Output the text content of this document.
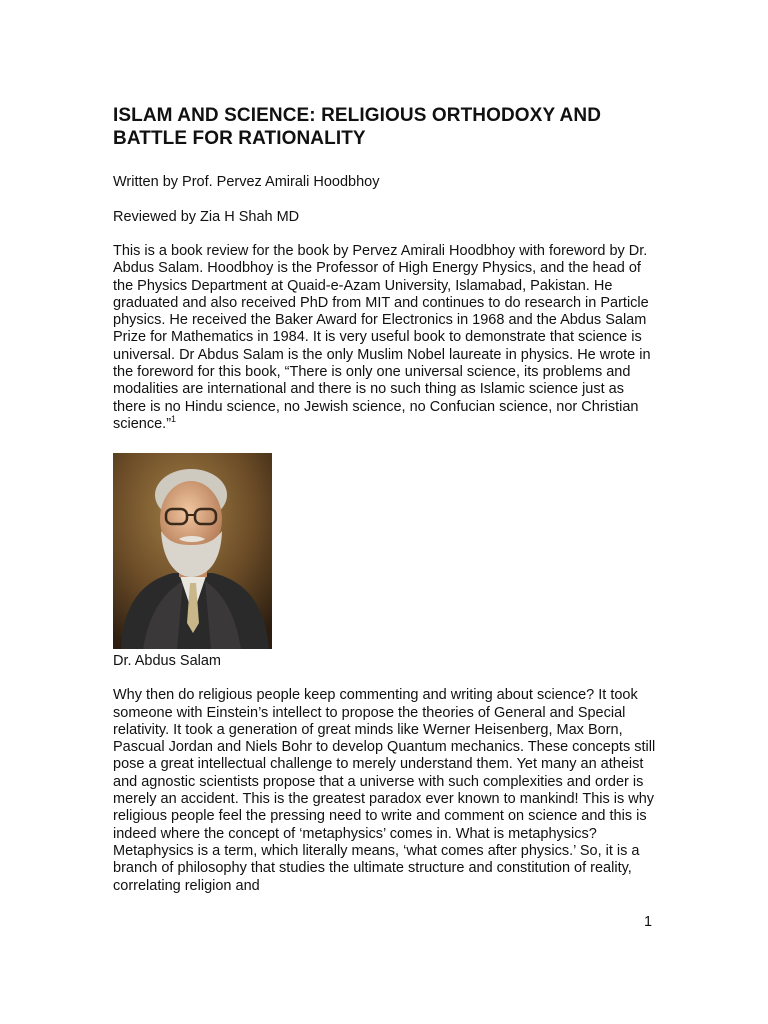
ISLAM AND SCIENCE: RELIGIOUS ORTHODOXY AND BATTLE FOR RATIONALITY

Written by Prof. Pervez Amirali Hoodbhoy

Reviewed by Zia H Shah MD

This is a book review for the book by Pervez Amirali Hoodbhoy with foreword by Dr. Abdus Salam. Hoodbhoy is the Professor of High Energy Physics, and the head of the Physics Department at Quaid-e-Azam University, Islamabad, Pakistan. He graduated and also received PhD from MIT and continues to do research in Particle physics. He received the Baker Award for Electronics in 1968 and the Abdus Salam Prize for Mathematics in 1984. It is very useful book to demonstrate that science is universal. Dr Abdus Salam is the only Muslim Nobel laureate in physics. He wrote in the foreword for this book, “There is only one universal science, its problems and modalities are international and there is no such thing as Islamic science just as there is no Hindu science, no Jewish science, no Confucian science, nor Christian science.”$^1$

Dr. Abdus Salam

Why then do religious people keep commenting and writing about science? It took someone with Einstein’s intellect to propose the theories of General and Special relativity. It took a generation of great minds like Werner Heisenberg, Max Born, Pascual Jordan and Niels Bohr to develop Quantum mechanics. These concepts still pose a great intellectual challenge to merely understand them. Yet many an atheist and agnostic scientists propose that a universe with such complexities and order is merely an accident. This is the greatest paradox ever known to mankind! This is why religious people feel the pressing need to write and comment on science and this is indeed where the concept of ‘metaphysics’ comes in. What is metaphysics? Metaphysics is a term, which literally means, ‘what comes after physics.’ So, it is a branch of philosophy that studies the ultimate structure and constitution of reality, correlating religion and

1
